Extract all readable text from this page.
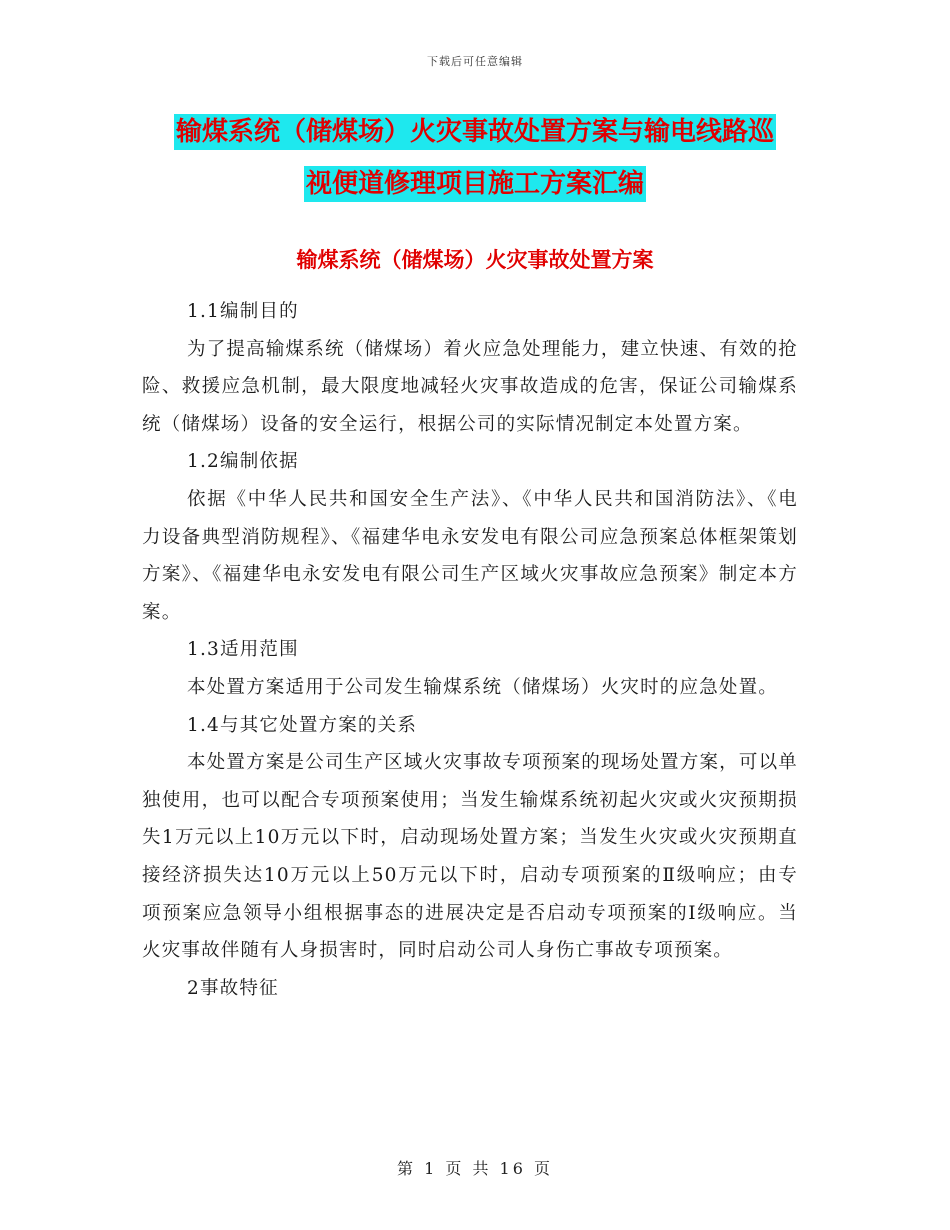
下载后可任意编辑
输煤系统（储煤场）火灾事故处置方案与输电线路巡
视便道修理项目施工方案汇编
输煤系统（储煤场）火灾事故处置方案

1.1编制目的

为了提高输煤系统（储煤场）着火应急处理能力，建立快速、有效的抢险、救援应急机制，最大限度地减轻火灾事故造成的危害，保证公司输煤系统（储煤场）设备的安全运行，根据公司的实际情况制定本处置方案。

1.2编制依据

依据《中华人民共和国安全生产法》、《中华人民共和国消防法》、《电力设备典型消防规程》、《福建华电永安发电有限公司应急预案总体框架策划方案》、《福建华电永安发电有限公司生产区域火灾事故应急预案》制定本方案。

1.3适用范围

本处置方案适用于公司发生输煤系统（储煤场）火灾时的应急处置。

1.4与其它处置方案的关系

本处置方案是公司生产区域火灾事故专项预案的现场处置方案，可以单独使用，也可以配合专项预案使用；当发生输煤系统初起火灾或火灾预期损失1万元以上10万元以下时，启动现场处置方案；当发生火灾或火灾预期直接经济损失达10万元以上50万元以下时，启动专项预案的Ⅱ级响应；由专项预案应急领导小组根据事态的进展决定是否启动专项预案的Ⅰ级响应。当火灾事故伴随有人身损害时，同时启动公司人身伤亡事故专项预案。

2事故特征

第 1 页 共 16 页
